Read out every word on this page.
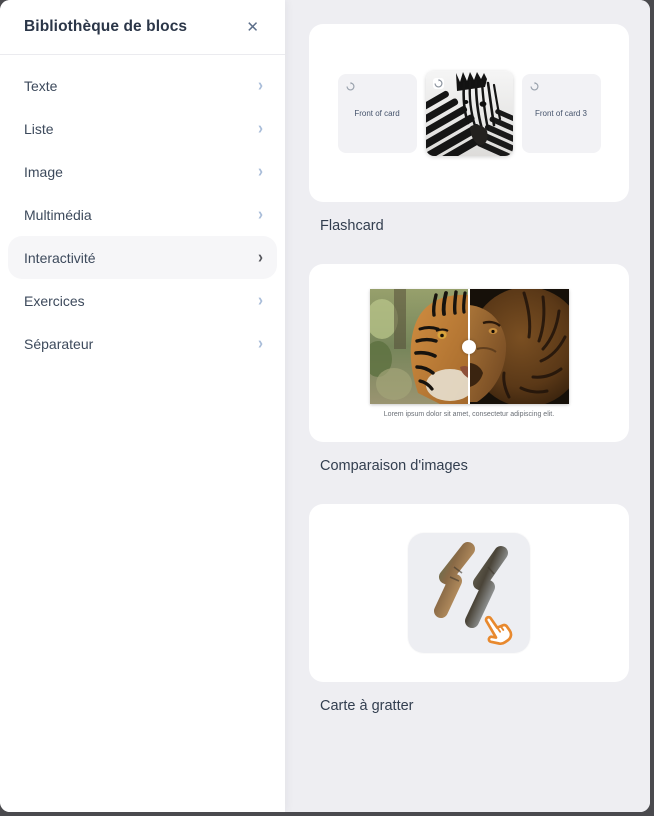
Bibliothèque de blocs	✕
Texte	›
Liste	›
Image	›
Multimédia	›
Interactivité	›
Exercices	›
Séparateur	›
Front of card	Front of card 3
Flashcard
Lorem ipsum dolor sit amet, consectetur adipiscing elit.
Comparaison d'images
Carte à gratter
